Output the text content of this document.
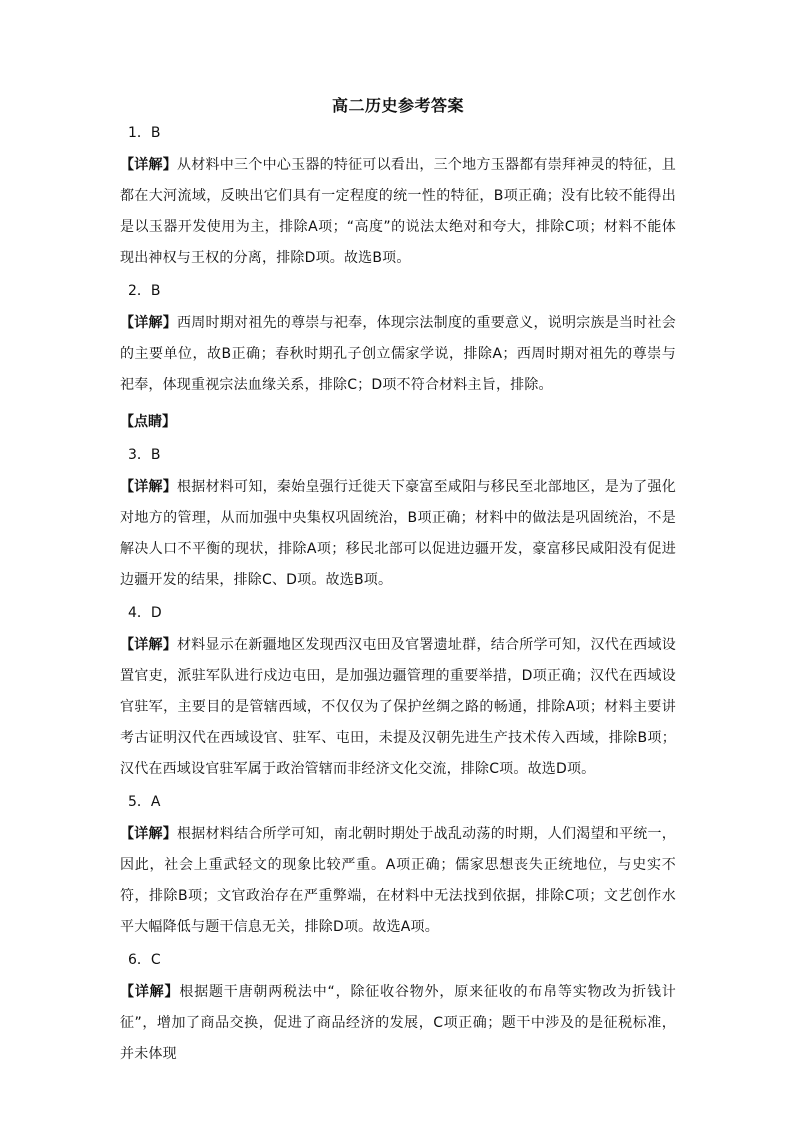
高二历史参考答案
1．B
【详解】从材料中三个中心玉器的特征可以看出，三个地方玉器都有崇拜神灵的特征，且都在大河流域，反映出它们具有一定程度的统一性的特征，B项正确；没有比较不能得出是以玉器开发使用为主，排除A项；“高度”的说法太绝对和夸大，排除C项；材料不能体现出神权与王权的分离，排除D项。故选B项。
2．B
【详解】西周时期对祖先的尊崇与祀奉，体现宗法制度的重要意义，说明宗族是当时社会的主要单位，故B正确；春秋时期孔子创立儒家学说，排除A；西周时期对祖先的尊崇与祀奉，体现重视宗法血缘关系，排除C；D项不符合材料主旨，排除。
【点睛】
3．B
【详解】根据材料可知，秦始皇强行迁徙天下豪富至咸阳与移民至北部地区，是为了强化对地方的管理，从而加强中央集权巩固统治，B项正确；材料中的做法是巩固统治，不是解决人口不平衡的现状，排除A项；移民北部可以促进边疆开发，豪富移民咸阳没有促进边疆开发的结果，排除C、D项。故选B项。
4．D
【详解】材料显示在新疆地区发现西汉屯田及官署遗址群，结合所学可知，汉代在西域设置官吏，派驻军队进行戍边屯田，是加强边疆管理的重要举措，D项正确；汉代在西域设官驻军，主要目的是管辖西域，不仅仅为了保护丝绸之路的畅通，排除A项；材料主要讲考古证明汉代在西域设官、驻军、屯田，未提及汉朝先进生产技术传入西域，排除B项；汉代在西域设官驻军属于政治管辖而非经济文化交流，排除C项。故选D项。
5．A
【详解】根据材料结合所学可知，南北朝时期处于战乱动荡的时期，人们渴望和平统一，因此，社会上重武轻文的现象比较严重。A项正确；儒家思想丧失正统地位，与史实不符，排除B项；文官政治存在严重弊端，在材料中无法找到依据，排除C项；文艺创作水平大幅降低与题干信息无关，排除D项。故选A项。
6．C
【详解】根据题干唐朝两税法中“，除征收谷物外，原来征收的布帛等实物改为折钱计征”，增加了商品交换，促进了商品经济的发展，C项正确；题干中涉及的是征税标准，并未体现
